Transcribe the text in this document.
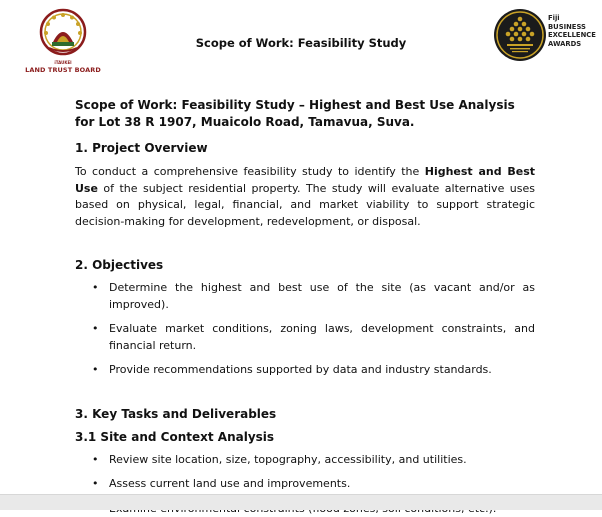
iTAUKEI
LAND TRUST BOARD
Scope of Work: Feasibility Study
Fiji
BUSINESS
EXCELLENCE
AWARDS

Scope of Work: Feasibility Study – Highest and Best Use Analysis for Lot 38 R 1907, Muaicolo Road, Tamavua, Suva.

1. Project Overview

To conduct a comprehensive feasibility study to identify the Highest and Best Use of the subject residential property. The study will evaluate alternative uses based on physical, legal, financial, and market viability to support strategic decision-making for development, redevelopment, or disposal.

2. Objectives

• Determine the highest and best use of the site (as vacant and/or as improved).
• Evaluate market conditions, zoning laws, development constraints, and financial return.
• Provide recommendations supported by data and industry standards.

3. Key Tasks and Deliverables

3.1 Site and Context Analysis

• Review site location, size, topography, accessibility, and utilities.
• Assess current land use and improvements.
